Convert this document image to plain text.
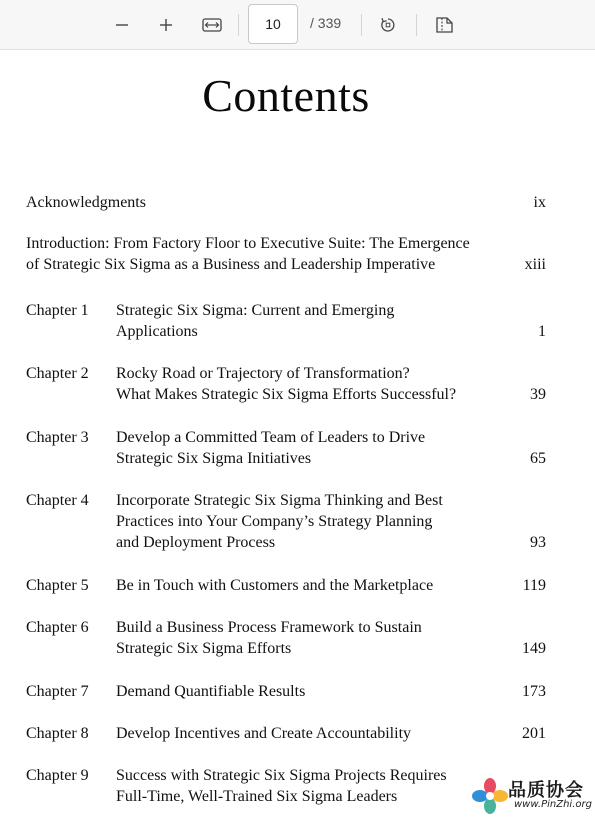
10
/ 339
Contents
Acknowledgments	ix
Introduction: From Factory Floor to Executive Suite: The Emergence
of Strategic Six Sigma as a Business and Leadership Imperative	xiii
Chapter 1 Strategic Six Sigma: Current and Emerging
Applications	1
Chapter 2 Rocky Road or Trajectory of Transformation?
What Makes Strategic Six Sigma Efforts Successful?	39
Chapter 3 Develop a Committed Team of Leaders to Drive
Strategic Six Sigma Initiatives	65
Chapter 4 Incorporate Strategic Six Sigma Thinking and Best
Practices into Your Company’s Strategy Planning
and Deployment Process	93
Chapter 5 Be in Touch with Customers and the Marketplace	119
Chapter 6 Build a Business Process Framework to Sustain
Strategic Six Sigma Efforts	149
Chapter 7 Demand Quantifiable Results	173
Chapter 8 Develop Incentives and Create Accountability	201
Chapter 9 Success with Strategic Six Sigma Projects Requires
Full-Time, Well-Trained Six Sigma Leaders	品质协会
www.PinZhi.org
